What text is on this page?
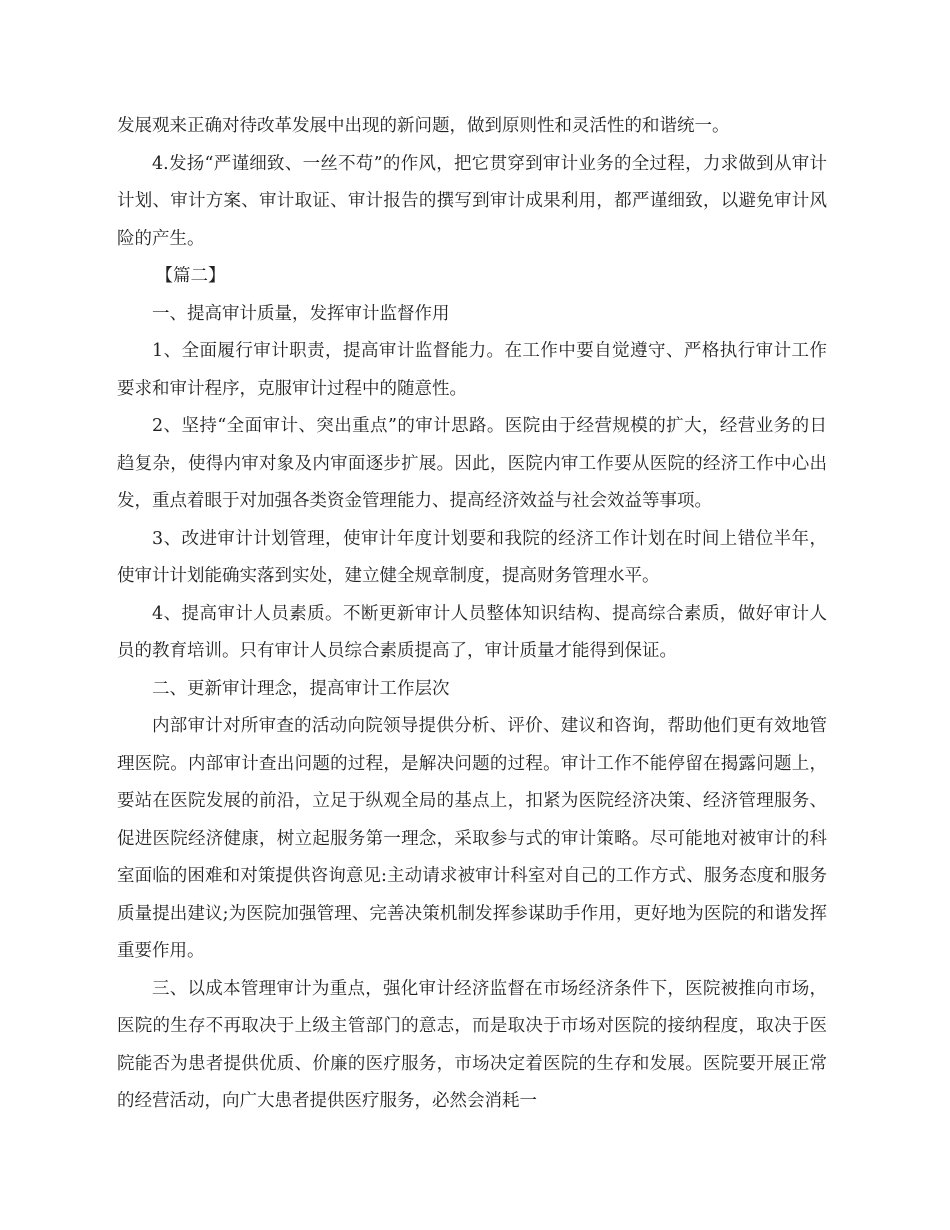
发展观来正确对待改革发展中出现的新问题，做到原则性和灵活性的和谐统一。

4.发扬“严谨细致、一丝不苟”的作风，把它贯穿到审计业务的全过程，力求做到从审计计划、审计方案、审计取证、审计报告的撰写到审计成果利用，都严谨细致，以避免审计风险的产生。

【篇二】

一、提高审计质量，发挥审计监督作用

1、全面履行审计职责，提高审计监督能力。在工作中要自觉遵守、严格执行审计工作要求和审计程序，克服审计过程中的随意性。

2、坚持“全面审计、突出重点”的审计思路。医院由于经营规模的扩大，经营业务的日趋复杂，使得内审对象及内审面逐步扩展。因此，医院内审工作要从医院的经济工作中心出发，重点着眼于对加强各类资金管理能力、提高经济效益与社会效益等事项。

3、改进审计计划管理，使审计年度计划要和我院的经济工作计划在时间上错位半年，使审计计划能确实落到实处，建立健全规章制度，提高财务管理水平。

4、提高审计人员素质。不断更新审计人员整体知识结构、提高综合素质，做好审计人员的教育培训。只有审计人员综合素质提高了，审计质量才能得到保证。

二、更新审计理念，提高审计工作层次

内部审计对所审查的活动向院领导提供分析、评价、建议和咨询，帮助他们更有效地管理医院。内部审计查出问题的过程，是解决问题的过程。审计工作不能停留在揭露问题上，要站在医院发展的前沿，立足于纵观全局的基点上，扣紧为医院经济决策、经济管理服务、促进医院经济健康，树立起服务第一理念，采取参与式的审计策略。尽可能地对被审计的科室面临的困难和对策提供咨询意见:主动请求被审计科室对自己的工作方式、服务态度和服务质量提出建议;为医院加强管理、完善决策机制发挥参谋助手作用，更好地为医院的和谐发挥重要作用。

三、以成本管理审计为重点，强化审计经济监督在市场经济条件下，医院被推向市场，医院的生存不再取决于上级主管部门的意志，而是取决于市场对医院的接纳程度，取决于医院能否为患者提供优质、价廉的医疗服务，市场决定着医院的生存和发展。医院要开展正常的经营活动，向广大患者提供医疗服务，必然会消耗一
